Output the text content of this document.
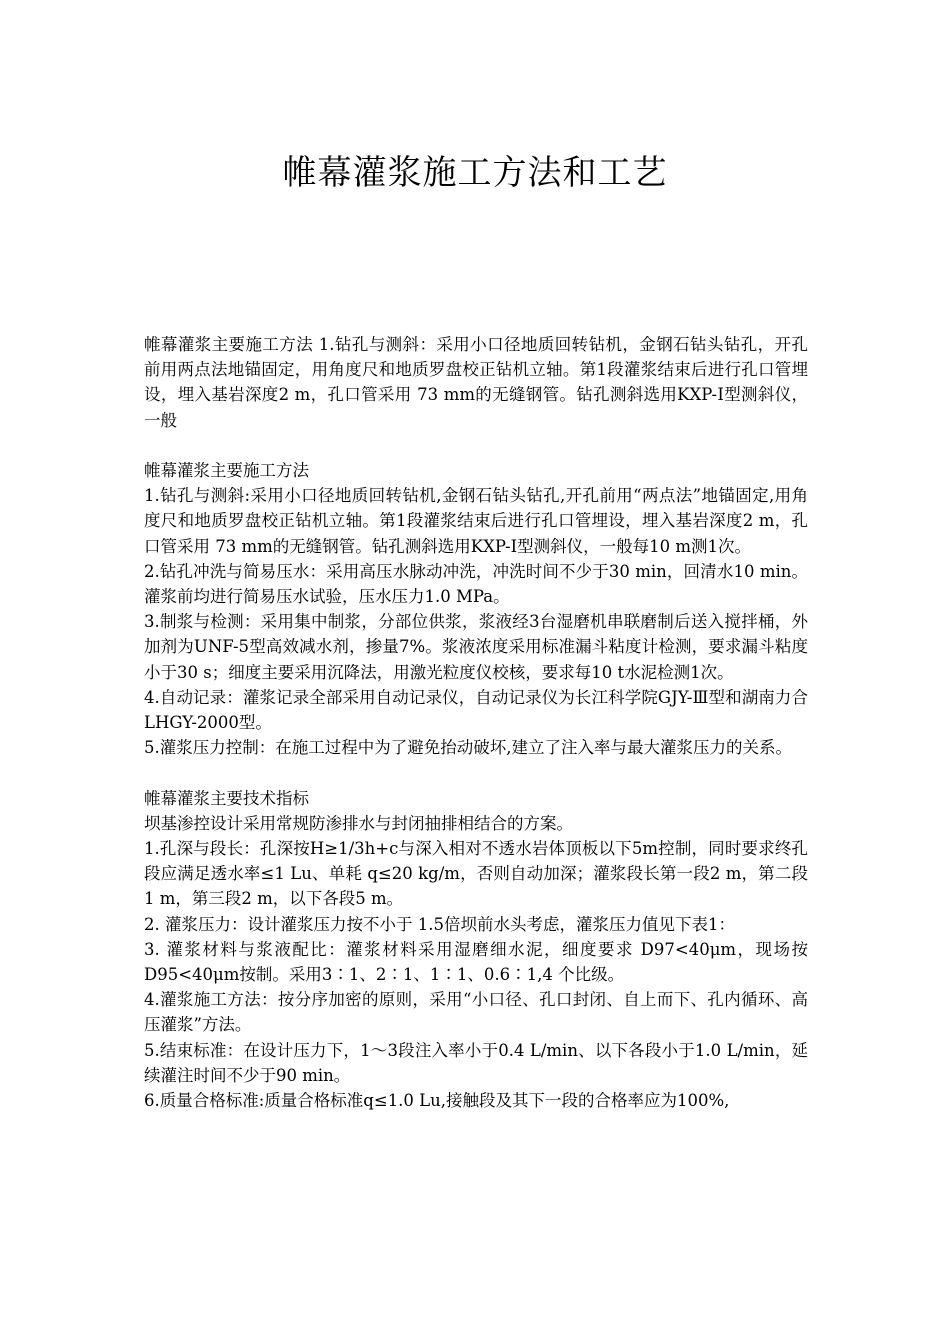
帷幕灌浆施工方法和工艺

帷幕灌浆主要施工方法 1.钻孔与测斜：采用小口径地质回转钻机，金钢石钻头钻孔，开孔前用两点法地锚固定，用角度尺和地质罗盘校正钻机立轴。第1段灌浆结束后进行孔口管埋设，埋入基岩深度2 m，孔口管采用 73 mm的无缝钢管。钻孔测斜选用KXP-Ⅰ型测斜仪，一般

帷幕灌浆主要施工方法

1.钻孔与测斜:采用小口径地质回转钻机,金钢石钻头钻孔,开孔前用“两点法”地锚固定,用角度尺和地质罗盘校正钻机立轴。第1段灌浆结束后进行孔口管埋设，埋入基岩深度2 m，孔口管采用 73 mm的无缝钢管。钻孔测斜选用KXP-Ⅰ型测斜仪，一般每10 m测1次。

2.钻孔冲洗与简易压水：采用高压水脉动冲洗，冲洗时间不少于30 min，回清水10 min。灌浆前均进行简易压水试验，压水压力1.0 MPa。

3.制浆与检测：采用集中制浆，分部位供浆，浆液经3台湿磨机串联磨制后送入搅拌桶，外加剂为UNF-5型高效减水剂，掺量7%。浆液浓度采用标准漏斗粘度计检测，要求漏斗粘度小于30 s；细度主要采用沉降法，用激光粒度仪校核，要求每10 t水泥检测1次。

4.自动记录：灌浆记录全部采用自动记录仪，自动记录仪为长江科学院GJY-Ⅲ型和湖南力合LHGY-2000型。

5.灌浆压力控制：在施工过程中为了避免抬动破坏,建立了注入率与最大灌浆压力的关系。

帷幕灌浆主要技术指标

坝基渗控设计采用常规防渗排水与封闭抽排相结合的方案。

1.孔深与段长：孔深按H≥1/3h+c与深入相对不透水岩体顶板以下5m控制，同时要求终孔段应满足透水率≤1 Lu、单耗 q≤20 kg/m，否则自动加深；灌浆段长第一段2 m，第二段1 m，第三段2 m，以下各段5 m。

2. 灌浆压力：设计灌浆压力按不小于 1.5倍坝前水头考虑，灌浆压力值见下表1：

3. 灌浆材料与浆液配比：灌浆材料采用湿磨细水泥，细度要求 D97<40μm，现场按D95<40μm按制。采用3∶1、2∶1、1∶1、0.6∶1,4 个比级。

4.灌浆施工方法：按分序加密的原则，采用“小口径、孔口封闭、自上而下、孔内循环、高压灌浆”方法。

5.结束标准：在设计压力下，1～3段注入率小于0.4 L/min、以下各段小于1.0 L/min，延续灌注时间不少于90 min。

6.质量合格标准:质量合格标准q≤1.0 Lu,接触段及其下一段的合格率应为100%,
